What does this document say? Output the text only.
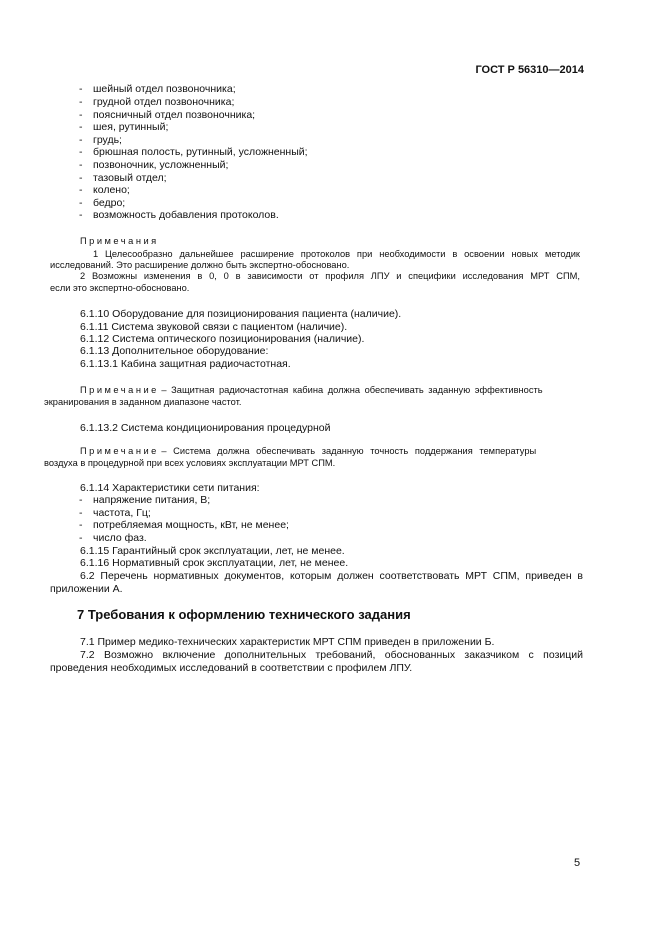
ГОСТ Р 56310—2014
- шейный отдел позвоночника;
- грудной отдел позвоночника;
- поясничный отдел позвоночника;
- шея, рутинный;
- грудь;
- брюшная полость, рутинный, усложненный;
- позвоночник, усложненный;
- тазовый отдел;
- колено;
- бедро;
- возможность добавления протоколов.
Примечания
1 Целесообразно дальнейшее расширение протоколов при необходимости в освоении новых методик
исследований. Это расширение должно быть экспертно-обосновано.
2 Возможны изменения в 0, 0 в зависимости от профиля ЛПУ и специфики исследования МРТ СПМ,
если это экспертно-обосновано.
6.1.10 Оборудование для позиционирования пациента (наличие).
6.1.11 Система звуковой связи с пациентом (наличие).
6.1.12 Система оптического позиционирования (наличие).
6.1.13 Дополнительное оборудование:
6.1.13.1 Кабина защитная радиочастотная.
Примечание – Защитная радиочастотная кабина должна обеспечивать заданную эффективность
экранирования в заданном диапазоне частот.
6.1.13.2 Система кондиционирования процедурной
Примечание – Система должна обеспечивать заданную точность поддержания температуры
воздуха в процедурной при всех условиях эксплуатации МРТ СПМ.
6.1.14 Характеристики сети питания:
- напряжение питания, В;
- частота, Гц;
- потребляемая мощность, кВт, не менее;
- число фаз.
6.1.15 Гарантийный срок эксплуатации, лет, не менее.
6.1.16 Нормативный срок эксплуатации, лет, не менее.
6.2 Перечень нормативных документов, которым должен соответствовать МРТ СПМ, приведен в
приложении А.
7 Требования к оформлению технического задания
7.1 Пример медико-технических характеристик МРТ СПМ приведен в приложении Б.
7.2 Возможно включение дополнительных требований, обоснованных заказчиком с позиций
проведения необходимых исследований в соответствии с профилем ЛПУ.
5
